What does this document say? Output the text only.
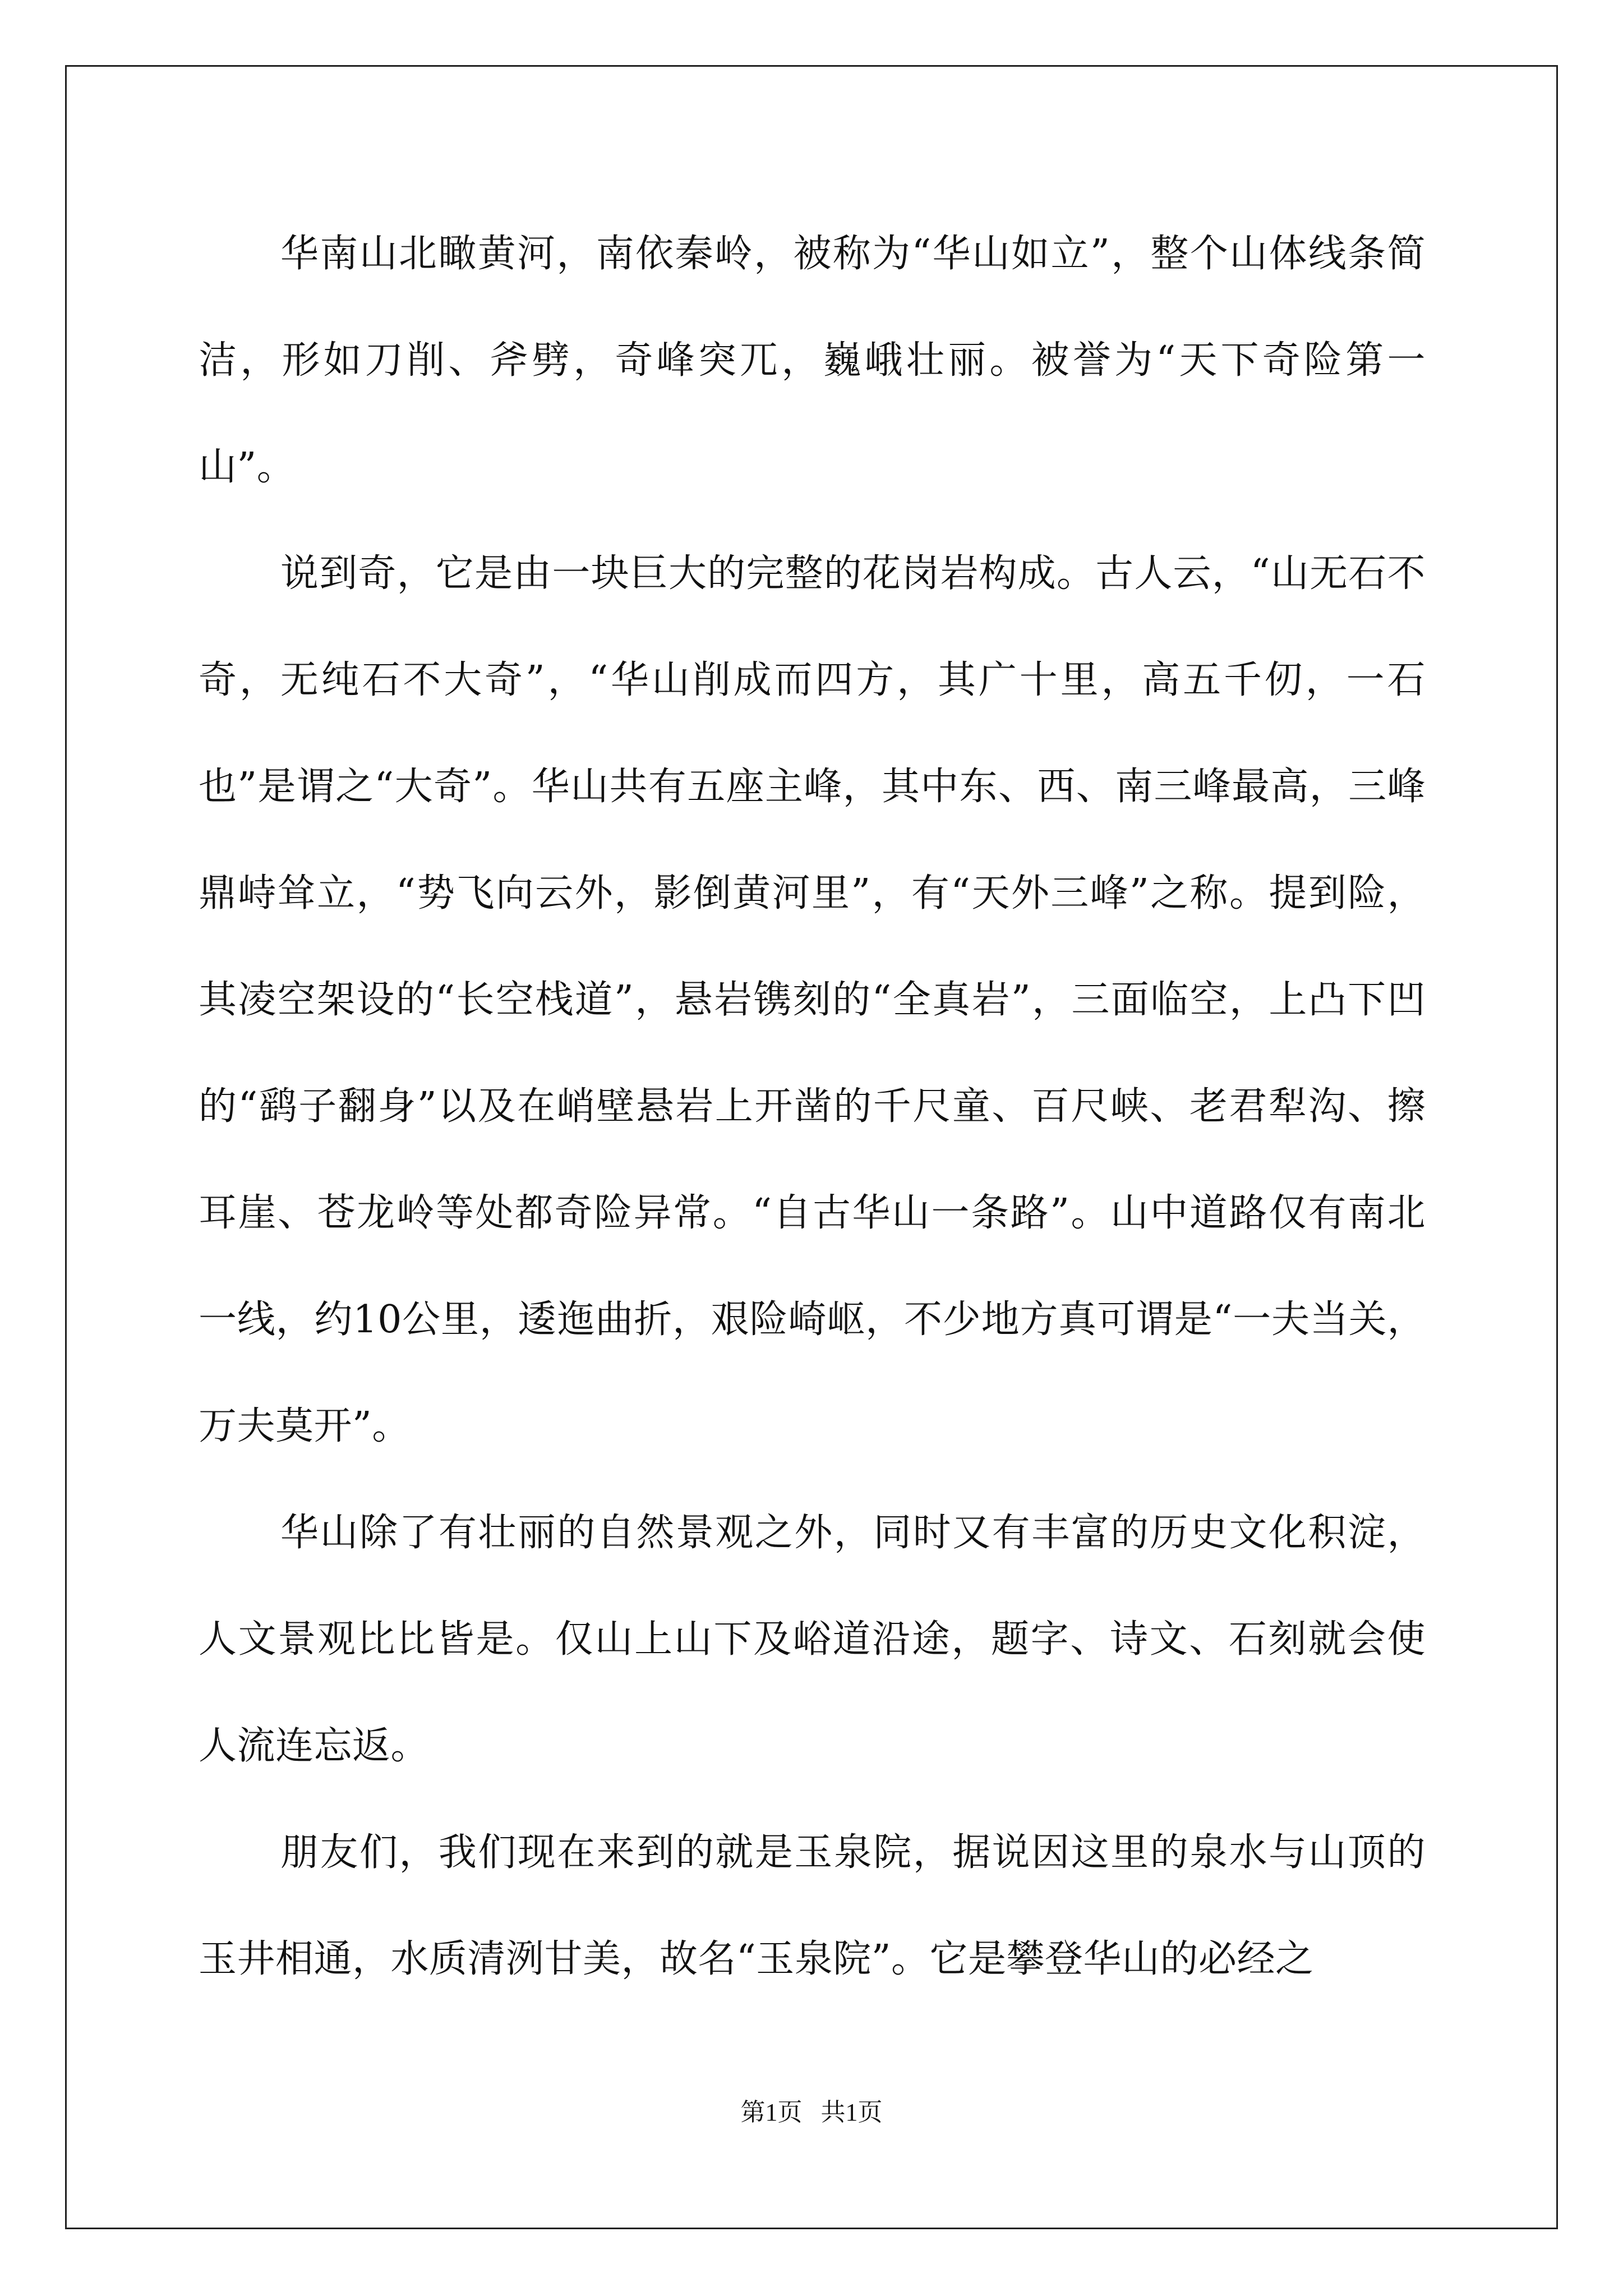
华南山北瞰黄河，南依秦岭，被称为“华山如立”，整个山体线条简洁，形如刀削、斧劈，奇峰突兀，巍峨壮丽。被誉为“天下奇险第一山”。

说到奇，它是由一块巨大的完整的花岗岩构成。古人云，“山无石不奇，无纯石不大奇”，“华山削成而四方，其广十里，高五千仞，一石也”是谓之“大奇”。华山共有五座主峰，其中东、西、南三峰最高，三峰鼎峙耸立，“势飞向云外，影倒黄河里”，有“天外三峰”之称。提到险，其凌空架设的“长空栈道”，悬岩镌刻的“全真岩”，三面临空，上凸下凹的“鹞子翻身”以及在峭壁悬岩上开凿的千尺童、百尺峡、老君犁沟、擦耳崖、苍龙岭等处都奇险异常。“自古华山一条路”。山中道路仅有南北一线，约10公里，逶迤曲折，艰险崎岖，不少地方真可谓是“一夫当关，万夫莫开”。

华山除了有壮丽的自然景观之外，同时又有丰富的历史文化积淀，人文景观比比皆是。仅山上山下及峪道沿途，题字、诗文、石刻就会使人流连忘返。

朋友们，我们现在来到的就是玉泉院，据说因这里的泉水与山顶的玉井相通，水质清洌甘美，故名“玉泉院”。它是攀登华山的必经之

第1页 共1页
